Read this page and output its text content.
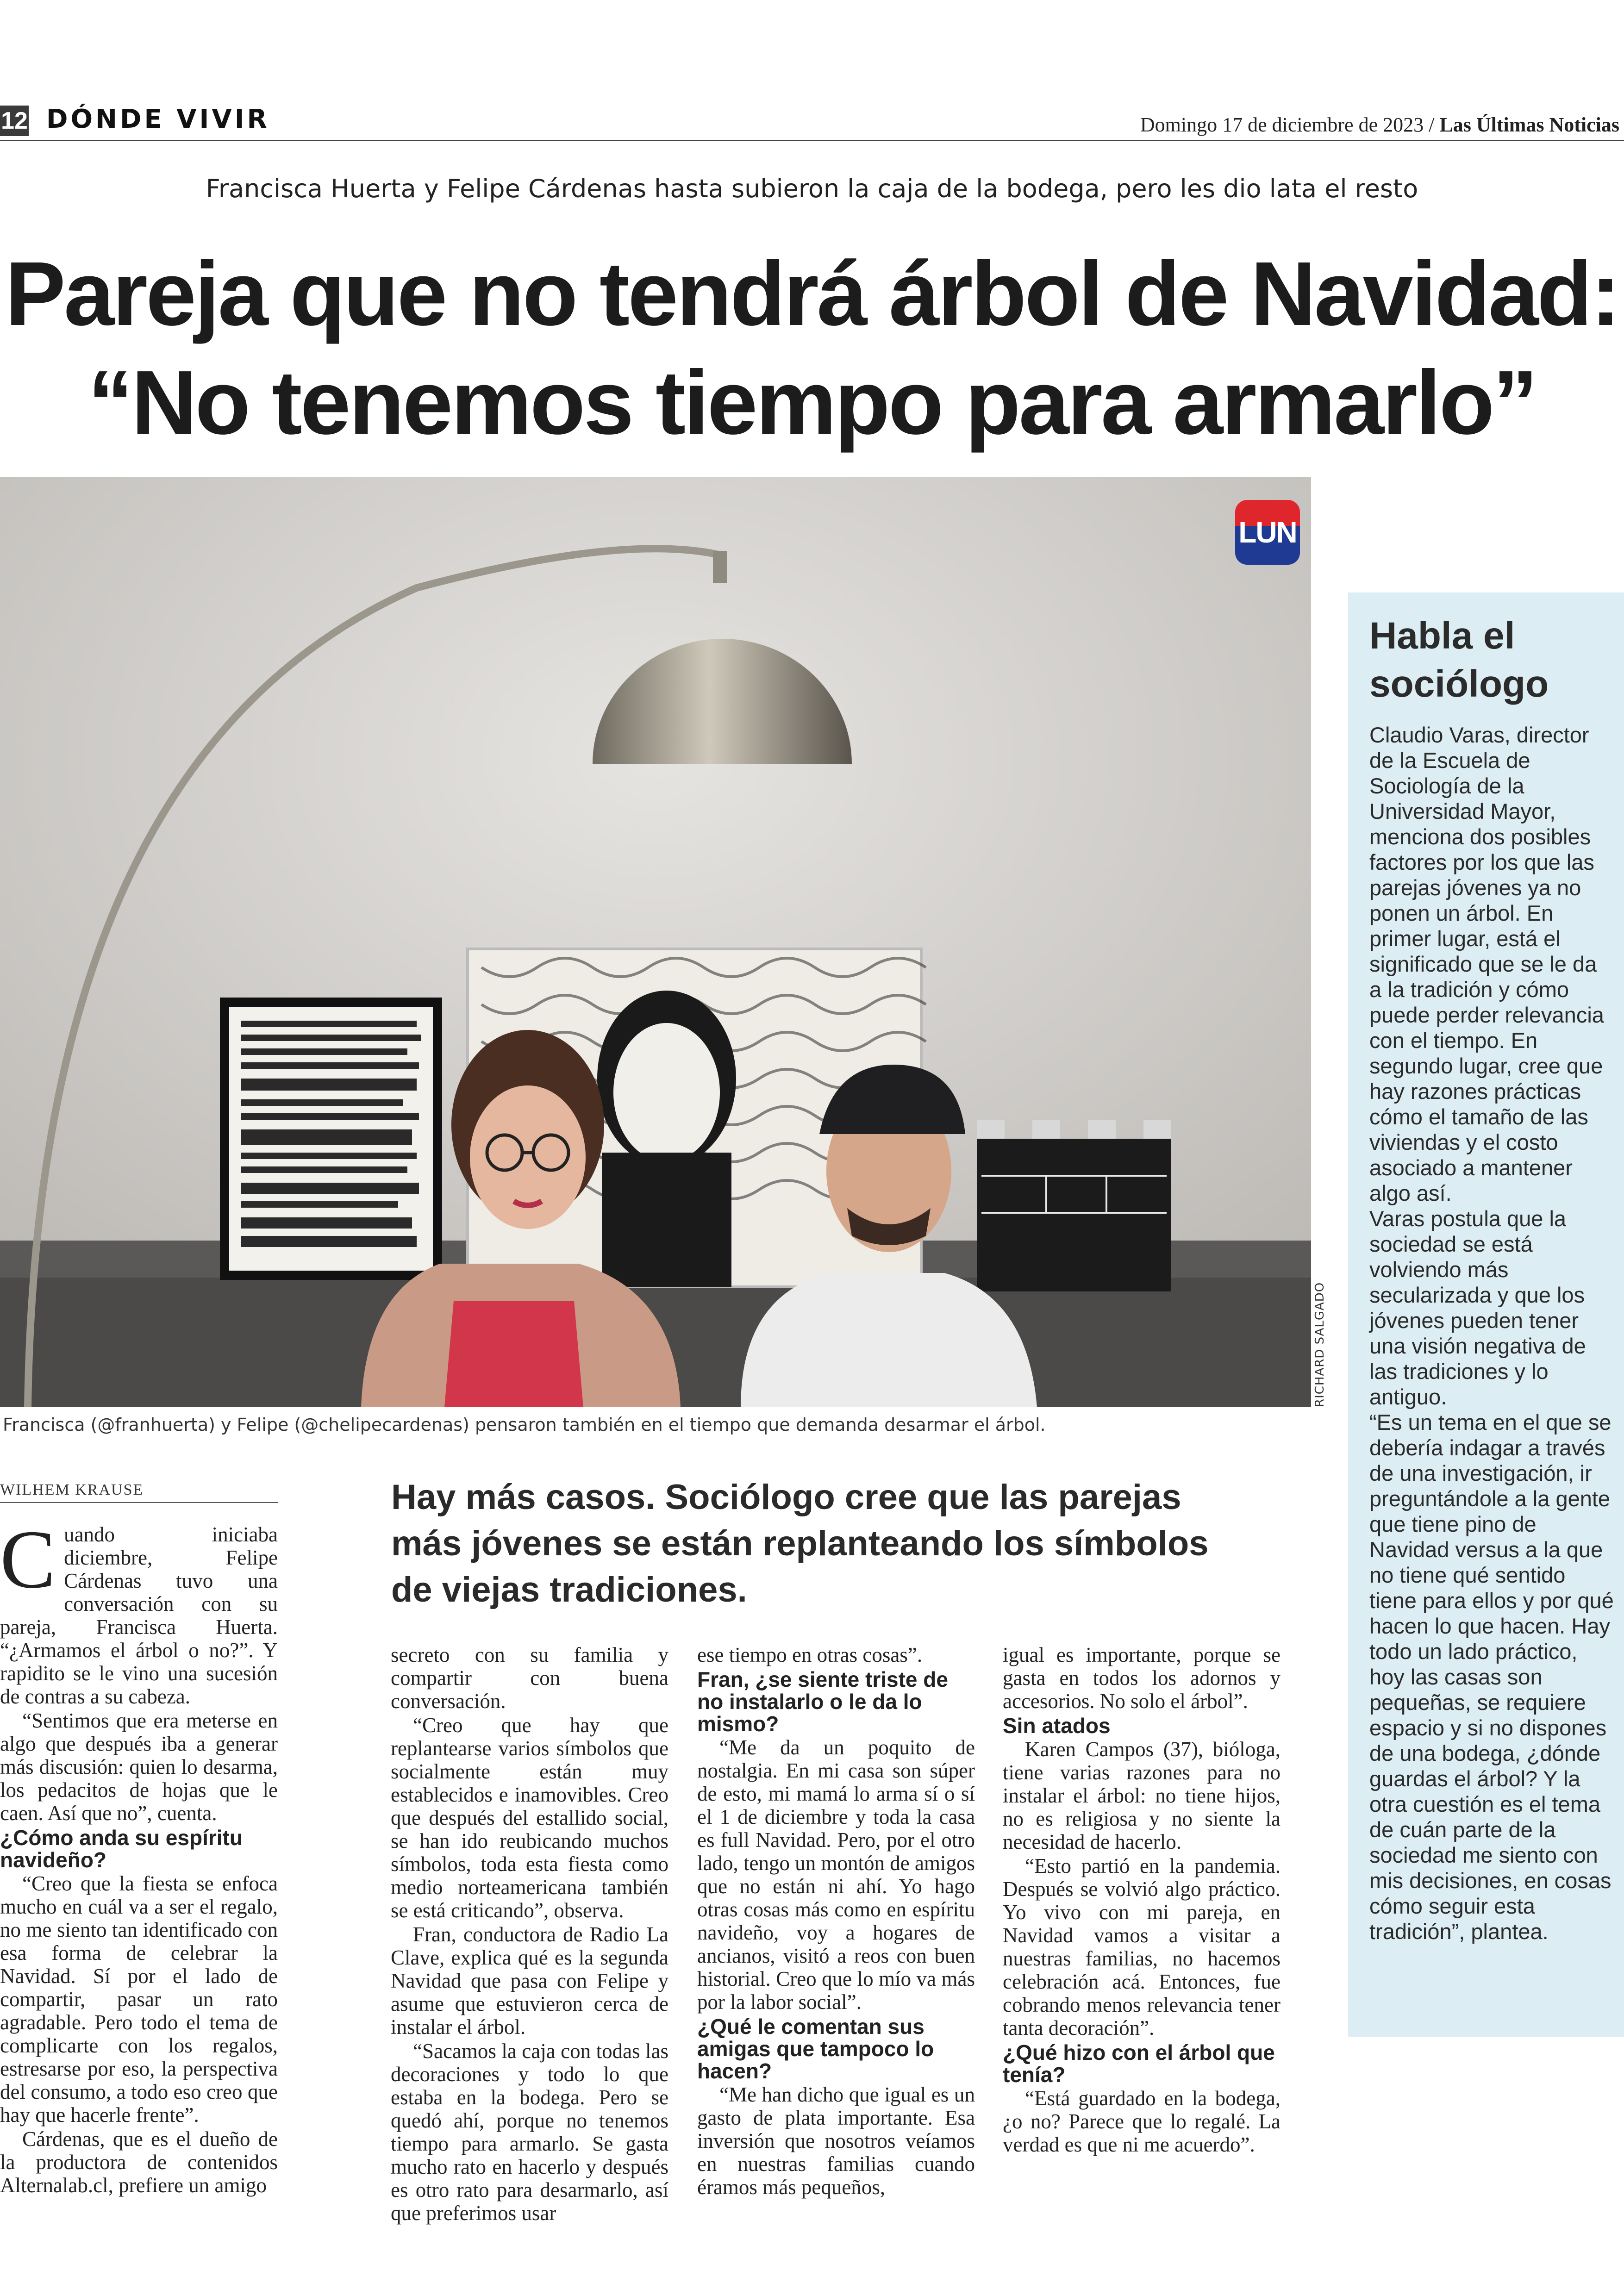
12 DÓNDE VIVIR	Domingo 17 de diciembre de 2023 / Las Últimas Noticias
Francisca Huerta y Felipe Cárdenas hasta subieron la caja de la bodega, pero les dio lata el resto
Pareja que no tendrá árbol de Navidad:
“No tenemos tiempo para armarlo”
LUN
RICHARD SALGADO
Francisca (@franhuerta) y Felipe (@chelipecardenas) pensaron también en el tiempo que demanda desarmar el árbol.
Habla el sociólogo

Claudio Varas, director de la Escuela de Sociología de la Universidad Mayor, menciona dos posibles factores por los que las parejas jóvenes ya no ponen un árbol. En primer lugar, está el significado que se le da a la tradición y cómo puede perder relevancia con el tiempo. En segundo lugar, cree que hay razones prácticas cómo el tamaño de las viviendas y el costo asociado a mantener algo así.

Varas postula que la sociedad se está volviendo más secularizada y que los jóvenes pueden tener una visión negativa de las tradiciones y lo antiguo.

“Es un tema en el que se debería indagar a través de una investigación, ir preguntándole a la gente que tiene pino de Navidad versus a la que no tiene qué sentido tiene para ellos y por qué hacen lo que hacen. Hay todo un lado práctico, hoy las casas son pequeñas, se requiere espacio y si no dispones de una bodega, ¿dónde guardas el árbol? Y la otra cuestión es el tema de cuán parte de la sociedad me siento con mis decisiones, en cosas cómo seguir esta tradición”, plantea.

WILHEM KRAUSE	Hay más casos. Sociólogo cree que las parejas más jóvenes se están replanteando los símbolos de viejas tradiciones.
C uando iniciaba diciembre, Felipe Cárdenas tuvo una conversación con su pareja, Francisca Huerta. “¿Armamos el árbol o no?”. Y rapidito se le vino una sucesión de contras a su cabeza.

“Sentimos que era meterse en algo que después iba a generar más discusión: quien lo desarma, los pedacitos de hojas que le caen. Así que no”, cuenta.

¿Cómo anda su espíritu navideño?

“Creo que la fiesta se enfoca mucho en cuál va a ser el regalo, no me siento tan identificado con esa forma de celebrar la Navidad. Sí por el lado de compartir, pasar un rato agradable. Pero todo el tema de complicarte con los regalos, estresarse por eso, la perspectiva del consumo, a todo eso creo que hay que hacerle frente”.

Cárdenas, que es el dueño de la productora de contenidos Alternalab.cl, prefiere un amigo

secreto con su familia y compartir con buena conversación.

“Creo que hay que replantearse varios símbolos que socialmente están muy establecidos e inamovibles. Creo que después del estallido social, se han ido reubicando muchos símbolos, toda esta fiesta como medio norteamericana también se está criticando”, observa.

Fran, conductora de Radio La Clave, explica qué es la segunda Navidad que pasa con Felipe y asume que estuvieron cerca de instalar el árbol.

“Sacamos la caja con todas las decoraciones y todo lo que estaba en la bodega. Pero se quedó ahí, porque no tenemos tiempo para armarlo. Se gasta mucho rato en hacerlo y después es otro rato para desarmarlo, así que preferimos usar

ese tiempo en otras cosas”.

Fran, ¿se siente triste de no instalarlo o le da lo mismo?

“Me da un poquito de nostalgia. En mi casa son súper de esto, mi mamá lo arma sí o sí el 1 de diciembre y toda la casa es full Navidad. Pero, por el otro lado, tengo un montón de amigos que no están ni ahí. Yo hago otras cosas más como en espíritu navideño, voy a hogares de ancianos, visitó a reos con buen historial. Creo que lo mío va más por la labor social”.

¿Qué le comentan sus amigas que tampoco lo hacen?

“Me han dicho que igual es un gasto de plata importante. Esa inversión que nosotros veíamos en nuestras familias cuando éramos más pequeños,

igual es importante, porque se gasta en todos los adornos y accesorios. No solo el árbol”.

Sin atados

Karen Campos (37), bióloga, tiene varias razones para no instalar el árbol: no tiene hijos, no es religiosa y no siente la necesidad de hacerlo.

“Esto partió en la pandemia. Después se volvió algo práctico. Yo vivo con mi pareja, en Navidad vamos a visitar a nuestras familias, no hacemos celebración acá. Entonces, fue cobrando menos relevancia tener tanta decoración”.

¿Qué hizo con el árbol que tenía?

“Está guardado en la bodega, ¿o no? Parece que lo regalé. La verdad es que ni me acuerdo”.
